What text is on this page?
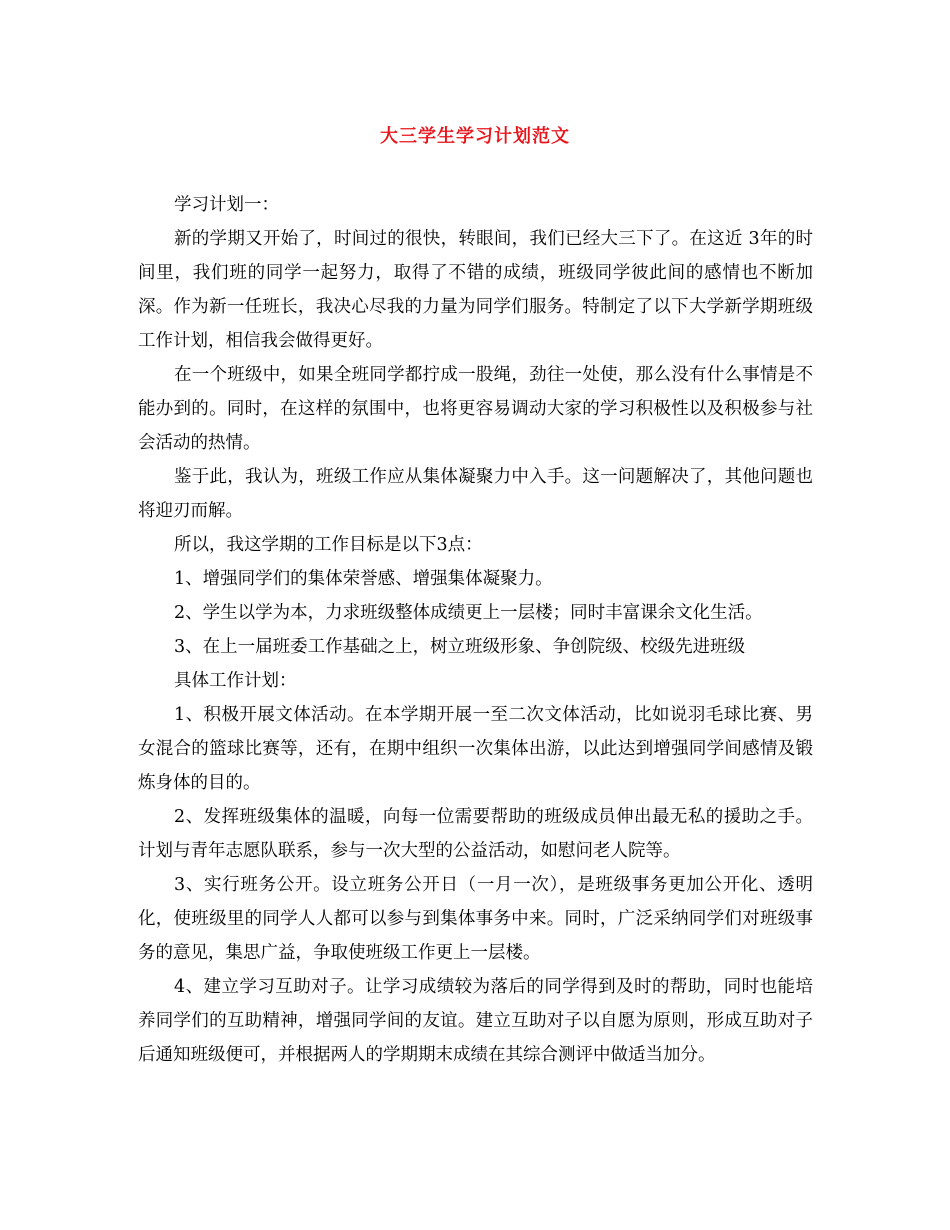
大三学生学习计划范文

学习计划一：

新的学期又开始了，时间过的很快，转眼间，我们已经大三下了。在这近 3年的时间里，我们班的同学一起努力，取得了不错的成绩，班级同学彼此间的感情也不断加深。作为新一任班长，我决心尽我的力量为同学们服务。特制定了以下大学新学期班级工作计划，相信我会做得更好。

在一个班级中，如果全班同学都拧成一股绳，劲往一处使，那么没有什么事情是不能办到的。同时，在这样的氛围中，也将更容易调动大家的学习积极性以及积极参与社会活动的热情。

鉴于此，我认为，班级工作应从集体凝聚力中入手。这一问题解决了，其他问题也将迎刃而解。

所以，我这学期的工作目标是以下3点：

1、增强同学们的集体荣誉感、增强集体凝聚力。

2、学生以学为本，力求班级整体成绩更上一层楼；同时丰富课余文化生活。

3、在上一届班委工作基础之上，树立班级形象、争创院级、校级先进班级

具体工作计划：

1、积极开展文体活动。在本学期开展一至二次文体活动，比如说羽毛球比赛、男女混合的篮球比赛等，还有，在期中组织一次集体出游，以此达到增强同学间感情及锻炼身体的目的。

2、发挥班级集体的温暖，向每一位需要帮助的班级成员伸出最无私的援助之手。计划与青年志愿队联系，参与一次大型的公益活动，如慰问老人院等。

3、实行班务公开。设立班务公开日（一月一次），是班级事务更加公开化、透明化，使班级里的同学人人都可以参与到集体事务中来。同时，广泛采纳同学们对班级事务的意见，集思广益，争取使班级工作更上一层楼。

4、建立学习互助对子。让学习成绩较为落后的同学得到及时的帮助，同时也能培养同学们的互助精神，增强同学间的友谊。建立互助对子以自愿为原则，形成互助对子后通知班级便可，并根据两人的学期期末成绩在其综合测评中做适当加分。
